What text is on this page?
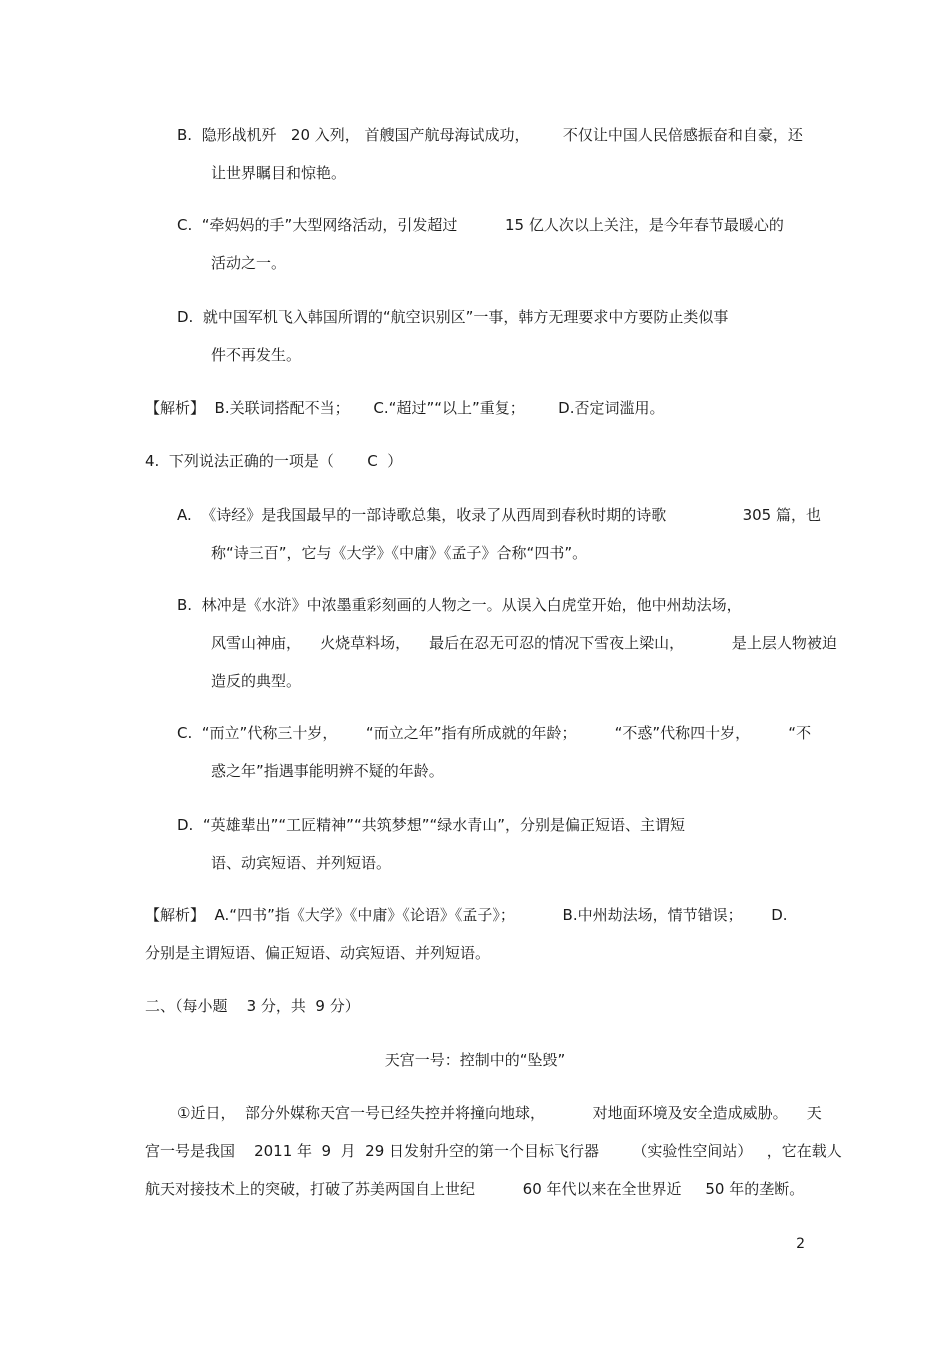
B.  隐形战机歼   20 入列， 首艘国产航母海试成功，       不仅让中国人民倍感振奋和自豪，还
让世界瞩目和惊艳。
C.  “牵妈妈的手”大型网络活动，引发超过          15 亿人次以上关注，是今年春节最暖心的
活动之一。
D.  就中国军机飞入韩国所谓的“航空识别区”一事，韩方无理要求中方要防止类似事
件不再发生。
【解析】  B.关联词搭配不当；     C.“超过”“以上”重复；       D.否定词滥用。
4.  下列说法正确的一项是（       C  ）
A.  《诗经》是我国最早的一部诗歌总集，收录了从西周到春秋时期的诗歌                305 篇，也
称“诗三百”，它与《大学》《中庸》《孟子》合称“四书”。
B.  林冲是《水浒》中浓墨重彩刻画的人物之一。从误入白虎堂开始，他中州劫法场，
风雪山神庙，    火烧草料场，    最后在忍无可忍的情况下雪夜上梁山，          是上层人物被迫
造反的典型。
C.  “而立”代称三十岁，      “而立之年”指有所成就的年龄；        “不惑”代称四十岁，        “不
惑之年”指遇事能明辨不疑的年龄。
D.  “英雄辈出”“工匠精神”“共筑梦想”“绿水青山”，分别是偏正短语、主谓短
语、动宾短语、并列短语。
【解析】  A.“四书”指《大学》《中庸》《论语》《孟子》；          B.中州劫法场，情节错误；      D.
分别是主谓短语、偏正短语、动宾短语、并列短语。
二、（每小题    3 分，共  9 分）
天宫一号：控制中的“坠毁”
①近日，  部分外媒称天宫一号已经失控并将撞向地球，          对地面环境及安全造成威胁。    天
宫一号是我国    2011 年  9  月  29 日发射升空的第一个目标飞行器       （实验性空间站）   ，它在载人
航天对接技术上的突破，打破了苏美两国自上世纪          60 年代以来在全世界近     50 年的垄断。
2
